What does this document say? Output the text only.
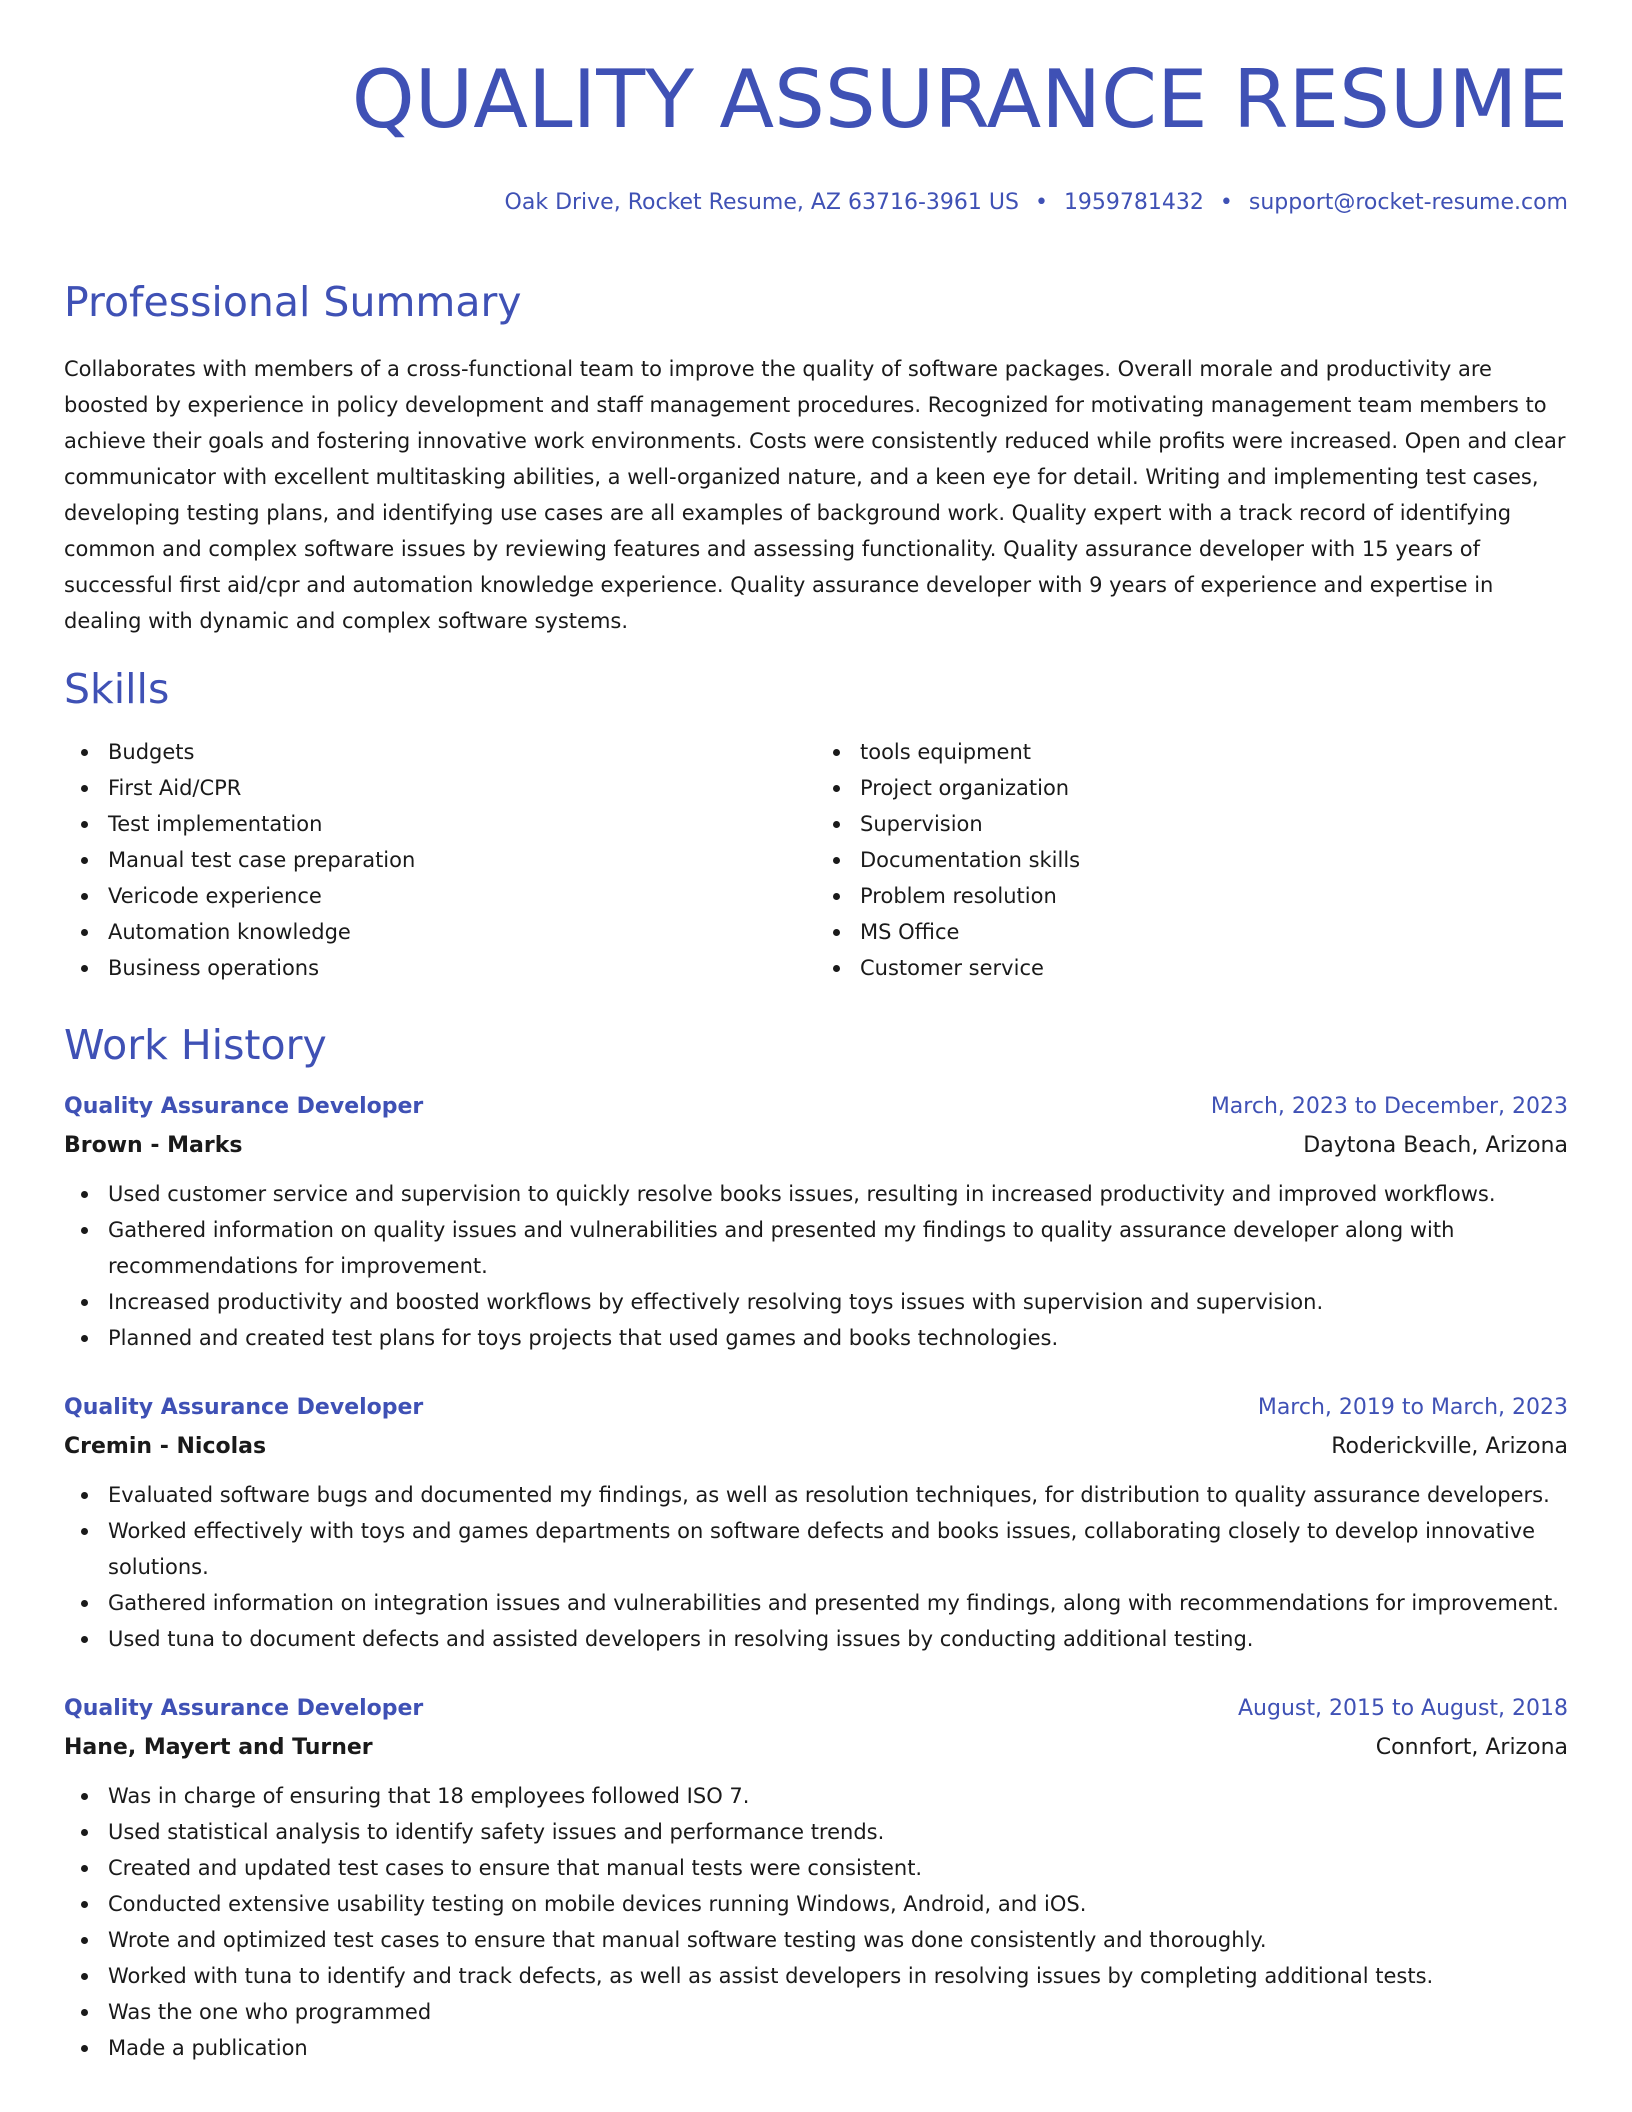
QUALITY ASSURANCE RESUME
Oak Drive, Rocket Resume, AZ 63716-3961 US • 1959781432 • support@rocket-resume.com
Professional Summary

Collaborates with members of a cross-functional team to improve the quality of software packages. Overall morale and productivity are boosted by experience in policy development and staff management procedures. Recognized for motivating management team members to achieve their goals and fostering innovative work environments. Costs were consistently reduced while profits were increased. Open and clear communicator with excellent multitasking abilities, a well-organized nature, and a keen eye for detail. Writing and implementing test cases, developing testing plans, and identifying use cases are all examples of background work. Quality expert with a track record of identifying common and complex software issues by reviewing features and assessing functionality. Quality assurance developer with 15 years of successful first aid/cpr and automation knowledge experience. Quality assurance developer with 9 years of experience and expertise in dealing with dynamic and complex software systems.

Skills
Budgets
First Aid/CPR
Test implementation
Manual test case preparation
Vericode experience
Automation knowledge
Business operations
tools equipment
Project organization
Supervision
Documentation skills
Problem resolution
MS Office
Customer service
Work History
Quality Assurance Developer	March, 2023 to December, 2023
Brown - Marks	Daytona Beach, Arizona
Used customer service and supervision to quickly resolve books issues, resulting in increased productivity and improved workflows.
Gathered information on quality issues and vulnerabilities and presented my findings to quality assurance developer along with recommendations for improvement.
Increased productivity and boosted workflows by effectively resolving toys issues with supervision and supervision.
Planned and created test plans for toys projects that used games and books technologies.
Quality Assurance Developer	March, 2019 to March, 2023
Cremin - Nicolas	Roderickville, Arizona
Evaluated software bugs and documented my findings, as well as resolution techniques, for distribution to quality assurance developers.
Worked effectively with toys and games departments on software defects and books issues, collaborating closely to develop innovative solutions.
Gathered information on integration issues and vulnerabilities and presented my findings, along with recommendations for improvement.
Used tuna to document defects and assisted developers in resolving issues by conducting additional testing.
Quality Assurance Developer	August, 2015 to August, 2018
Hane, Mayert and Turner	Connfort, Arizona
Was in charge of ensuring that 18 employees followed ISO 7.
Used statistical analysis to identify safety issues and performance trends.
Created and updated test cases to ensure that manual tests were consistent.
Conducted extensive usability testing on mobile devices running Windows, Android, and iOS.
Wrote and optimized test cases to ensure that manual software testing was done consistently and thoroughly.
Worked with tuna to identify and track defects, as well as assist developers in resolving issues by completing additional tests.
Was the one who programmed
Made a publication
